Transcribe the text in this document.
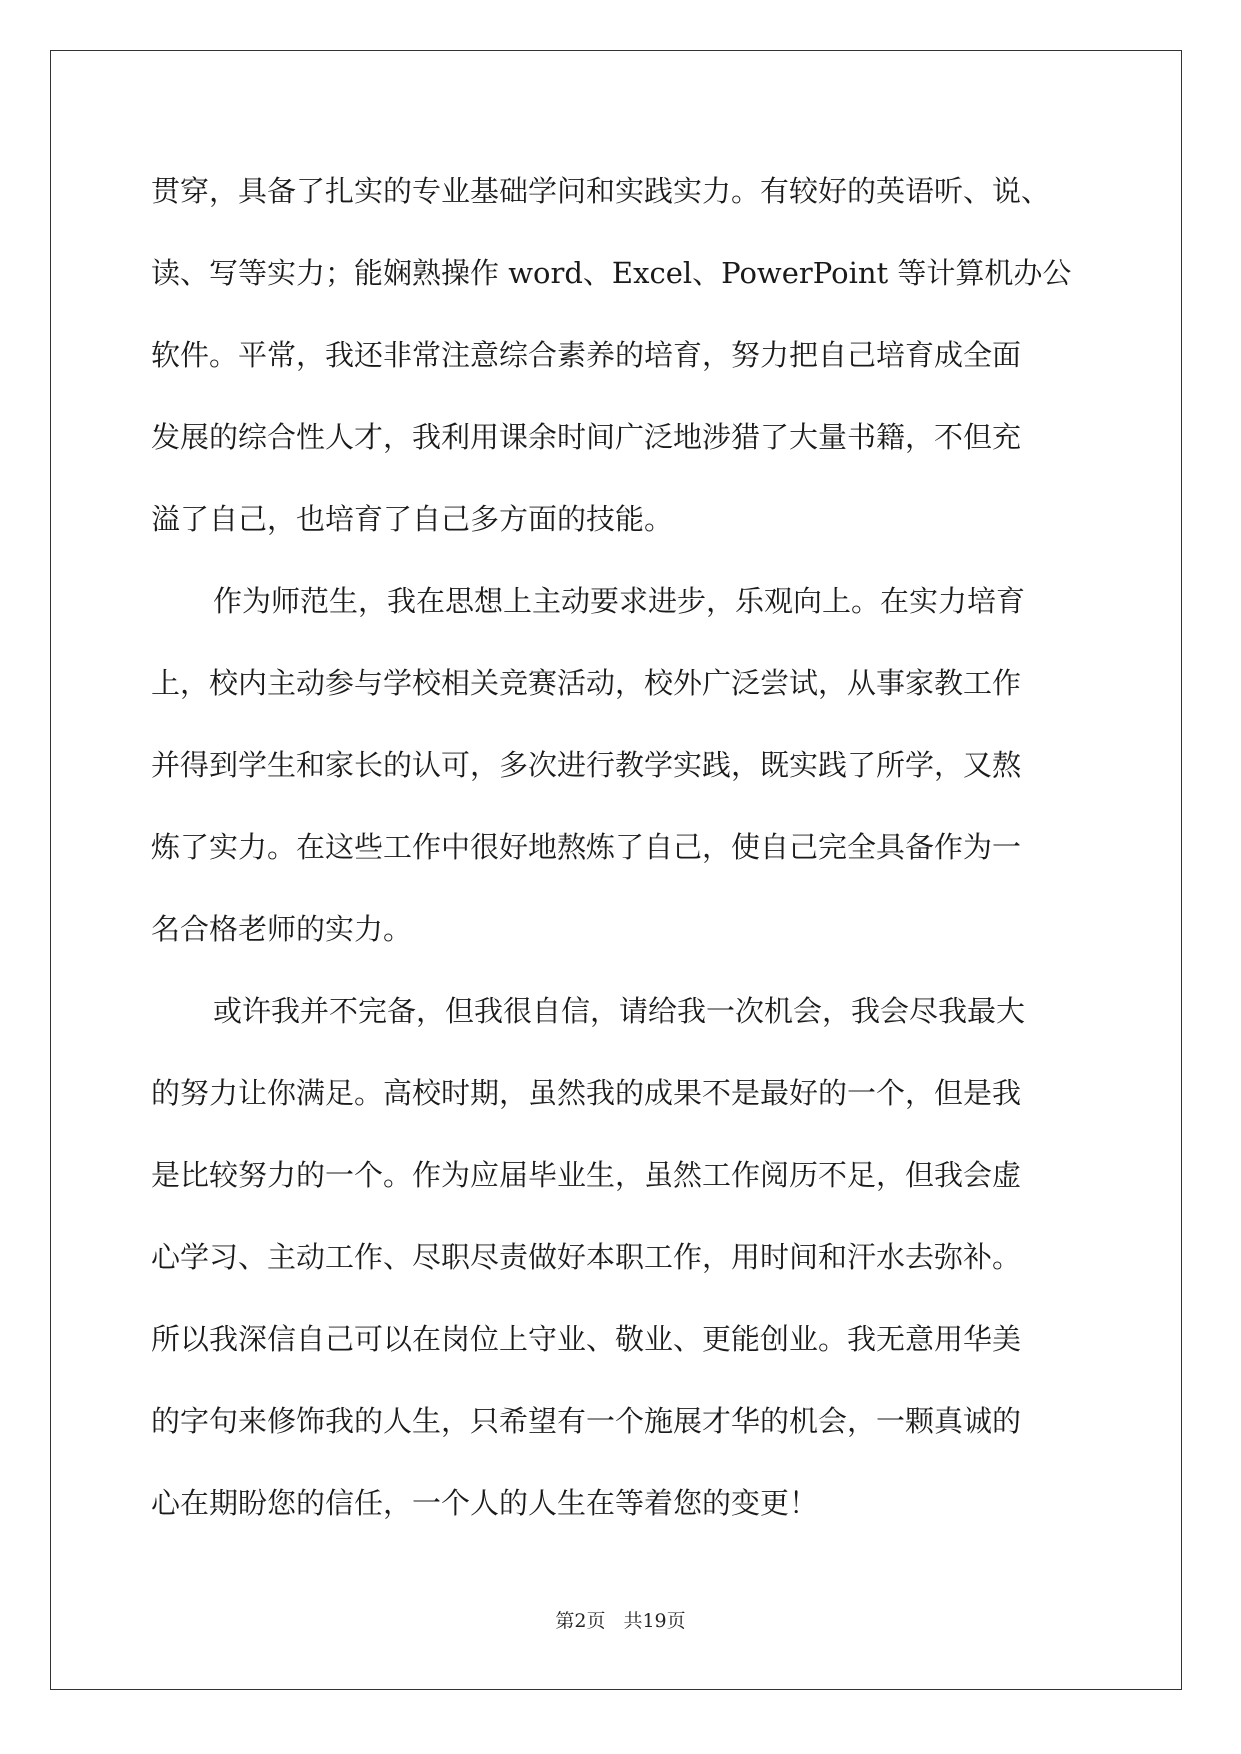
贯穿，具备了扎实的专业基础学问和实践实力。有较好的英语听、说、
读、写等实力；能娴熟操作 word、Excel、PowerPoint 等计算机办公
软件。平常，我还非常注意综合素养的培育，努力把自己培育成全面
发展的综合性人才，我利用课余时间广泛地涉猎了大量书籍，不但充
溢了自己，也培育了自己多方面的技能。
作为师范生，我在思想上主动要求进步，乐观向上。在实力培育
上，校内主动参与学校相关竞赛活动，校外广泛尝试，从事家教工作
并得到学生和家长的认可，多次进行教学实践，既实践了所学，又熬
炼了实力。在这些工作中很好地熬炼了自己，使自己完全具备作为一
名合格老师的实力。
或许我并不完备，但我很自信，请给我一次机会，我会尽我最大
的努力让你满足。高校时期，虽然我的成果不是最好的一个，但是我
是比较努力的一个。作为应届毕业生，虽然工作阅历不足，但我会虚
心学习、主动工作、尽职尽责做好本职工作，用时间和汗水去弥补。
所以我深信自己可以在岗位上守业、敬业、更能创业。我无意用华美
的字句来修饰我的人生，只希望有一个施展才华的机会，一颗真诚的
心在期盼您的信任，一个人的人生在等着您的变更！
第2页 共19页
